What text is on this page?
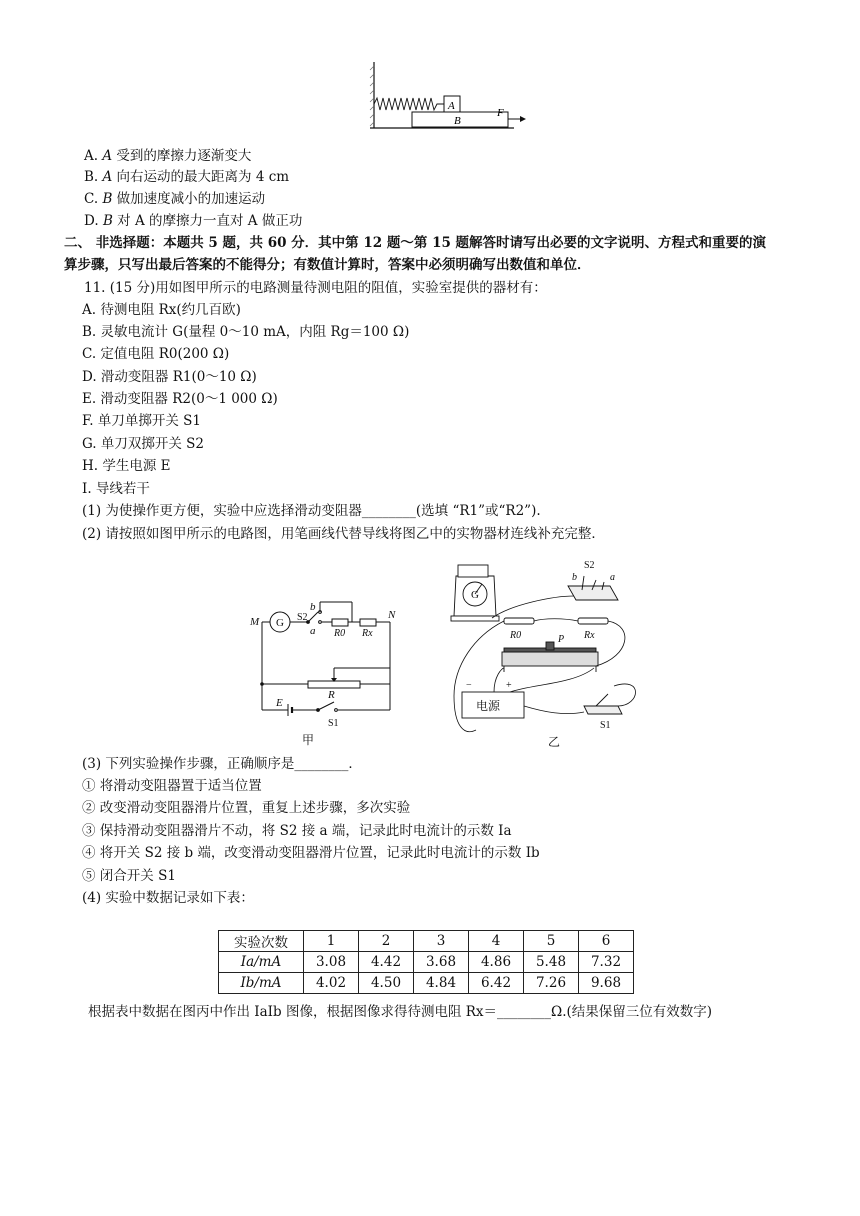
A
B
F
A. A 受到的摩擦力逐渐变大
B. A 向右运动的最大距离为 4 cm
C. B 做加速度减小的加速运动
D. B 对 A 的摩擦力一直对 A 做正功
二、 非选择题：本题共 5 题，共 60 分．其中第 12 题～第 15 题解答时请写出必要的文字说明、方程式和重要的演
算步骤，只写出最后答案的不能得分；有数值计算时，答案中必须明确写出数值和单位．
11. (15 分)用如图甲所示的电路测量待测电阻的阻值，实验室提供的器材有：
A. 待测电阻 Rx(约几百欧)
B. 灵敏电流计 G(量程 0～10 mA，内阻 Rg＝100 Ω)
C. 定值电阻 R0(200 Ω)
D. 滑动变阻器 R1(0～10 Ω)
E. 滑动变阻器 R2(0～1 000 Ω)
F. 单刀单掷开关 S1
G. 单刀双掷开关 S2
H. 学生电源 E
I. 导线若干
(1) 为使操作更方便，实验中应选择滑动变阻器________(选填 “R1”或“R2”).
(2) 请按照如图甲所示的电路图，用笔画线代替导线将图乙中的实物器材连线补充完整．
M G S2
b
a R0 Rx
N
R
E
S1
甲
G
S2
b	a
R0	Rx
P
−	+
电源
S1
乙
(3) 下列实验操作步骤，正确顺序是________．
① 将滑动变阻器置于适当位置
② 改变滑动变阻器滑片位置，重复上述步骤，多次实验
③ 保持滑动变阻器滑片不动，将 S2 接 a 端，记录此时电流计的示数 Ia
④ 将开关 S2 接 b 端，改变滑动变阻器滑片位置，记录此时电流计的示数 Ib
⑤ 闭合开关 S1
(4) 实验中数据记录如下表：
实验次数	1	2	3	4	5	6
Ia/mA	3.08	4.42	3.68	4.86	5.48	7.32
Ib/mA	4.02	4.50	4.84	6.42	7.26	9.68
根据表中数据在图丙中作出 IaIb 图像，根据图像求得待测电阻 Rx＝________Ω.(结果保留三位有效数字)
